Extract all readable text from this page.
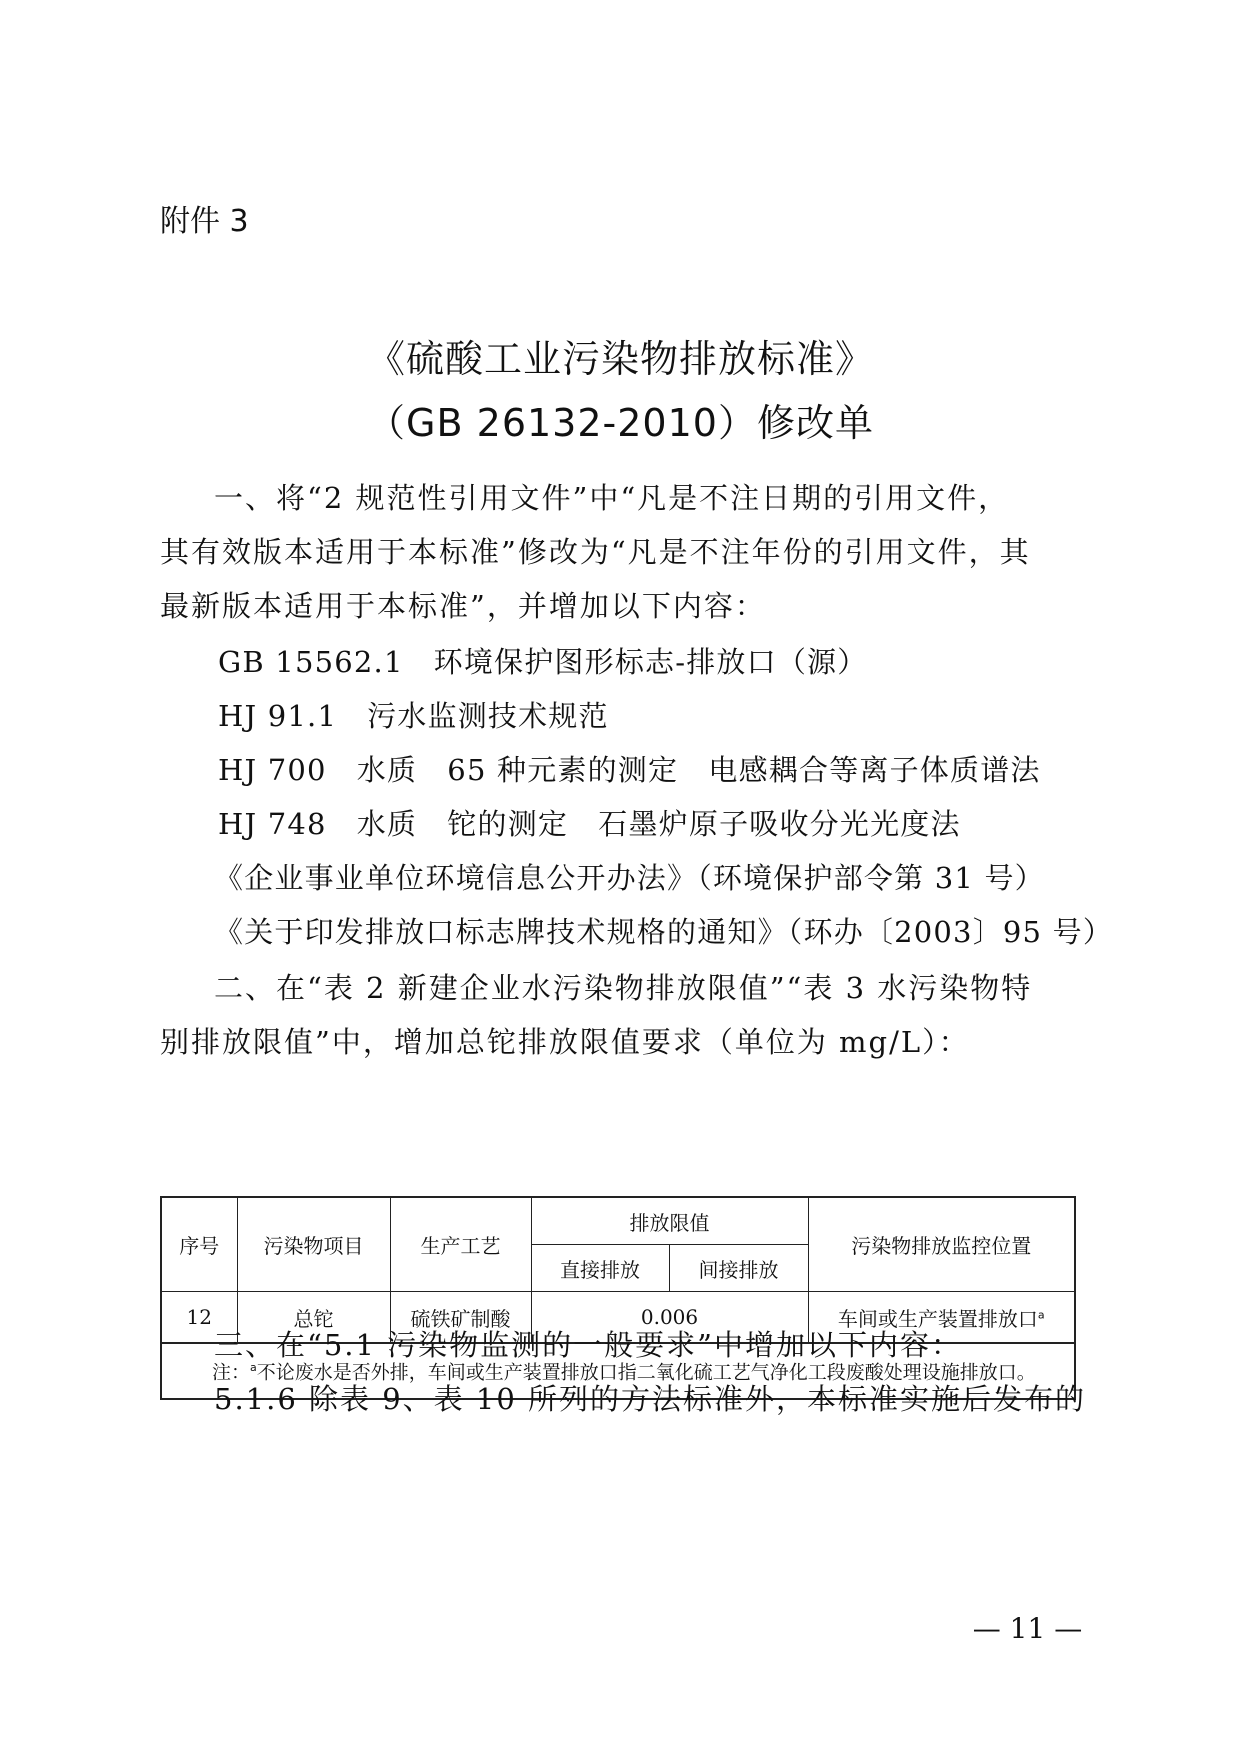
附件 3
《硫酸工业污染物排放标准》
（GB 26132-2010）修改单
一、将“2 规范性引用文件”中“凡是不注日期的引用文件，
其有效版本适用于本标准”修改为“凡是不注年份的引用文件，其
最新版本适用于本标准”，并增加以下内容：
GB 15562.1 环境保护图形标志-排放口（源）
HJ 91.1 污水监测技术规范
HJ 700 水质　65 种元素的测定　电感耦合等离子体质谱法
HJ 748 水质　铊的测定　石墨炉原子吸收分光光度法
《企业事业单位环境信息公开办法》（环境保护部令第 31 号）
《关于印发排放口标志牌技术规格的通知》（环办〔2003〕95 号）
二、在“表 2 新建企业水污染物排放限值”“表 3 水污染物特
别排放限值”中，增加总铊排放限值要求（单位为 mg/L）：
序号	污染物项目	生产工艺	排放限值		污染物排放监控位置
			直接排放	间接排放	
12	总铊	硫铁矿制酸	0.006		车间或生产装置排放口$^a$
注：$^a$不论废水是否外排，车间或生产装置排放口指二氧化硫工艺气净化工段废酸处理设施排放口。
三、在“5.1 污染物监测的一般要求”中增加以下内容：
5.1.6 除表 9、表 10 所列的方法标准外，本标准实施后发布的
— 11 —
